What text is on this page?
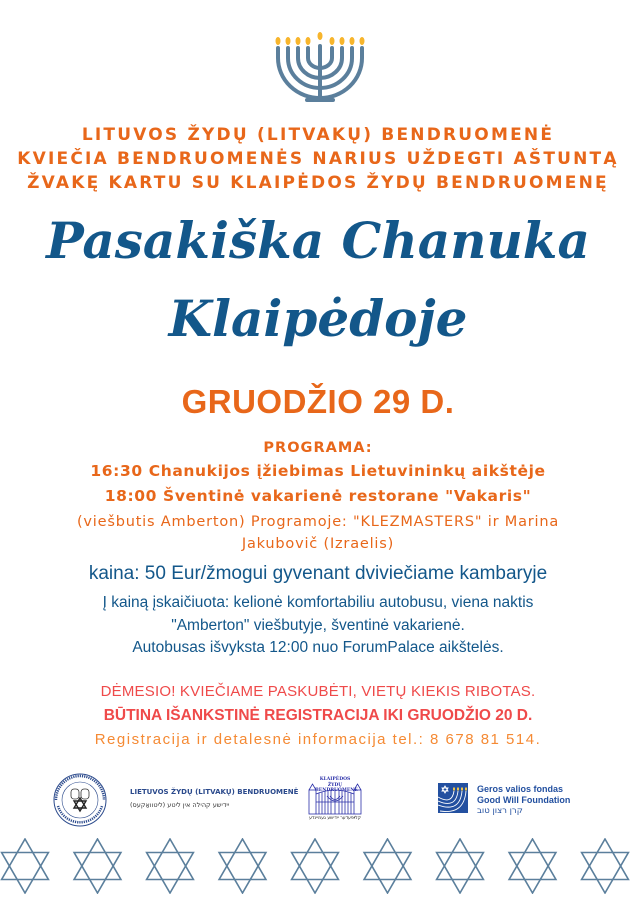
LITUVOS ŽYDŲ (LITVAKŲ) BENDRUOMENĖ
KVIEČIA BENDRUOMENĖS NARIUS UŽDEGTI AŠTUNTĄ
ŽVAKĘ KARTU SU KLAIPĖDOS ŽYDŲ BENDRUOMENĘ
Pasakiška Chanuka
Klaipėdoje
GRUODŽIO 29 D.
PROGRAMA:
16:30 Chanukijos įžiebimas Lietuvininkų aikštėje
18:00 Šventinė vakarienė restorane "Vakaris"
(viešbutis Amberton) Programoje: "KLEZMASTERS" ir Marina
Jakubovič (Izraelis)
kaina: 50 Eur/žmogui gyvenant dviviečiame kambaryje
Į kainą įskaičiuota: kelionė komfortabiliu autobusu, viena naktis
"Amberton" viešbutyje, šventinė vakarienė.
Autobusas išvyksta 12:00 nuo ForumPalace aikštelės.
DĖMESIO! KVIEČIAME PASKUBĖTI, VIETŲ KIEKIS RIBOTAS.
BŪTINA IŠANKSTINĖ REGISTRACIJA IKI GRUODŽIO 20 D.
Registracija ir detalesnė informacija tel.: 8 678 81 514.
LIETUVOS ŽYDŲ (LITVAKŲ) BENDRUOMENĖ
יידישע קהילה אין ליטע (ליטוואַקעס)
KLAIPĖDOS ŽYDŲ
BENDRUOMENĖ
קלײַפּעדער ייִדישע געמיינדע
Geros valios fondas
Good Will Foundation
קרן רצון טוב
